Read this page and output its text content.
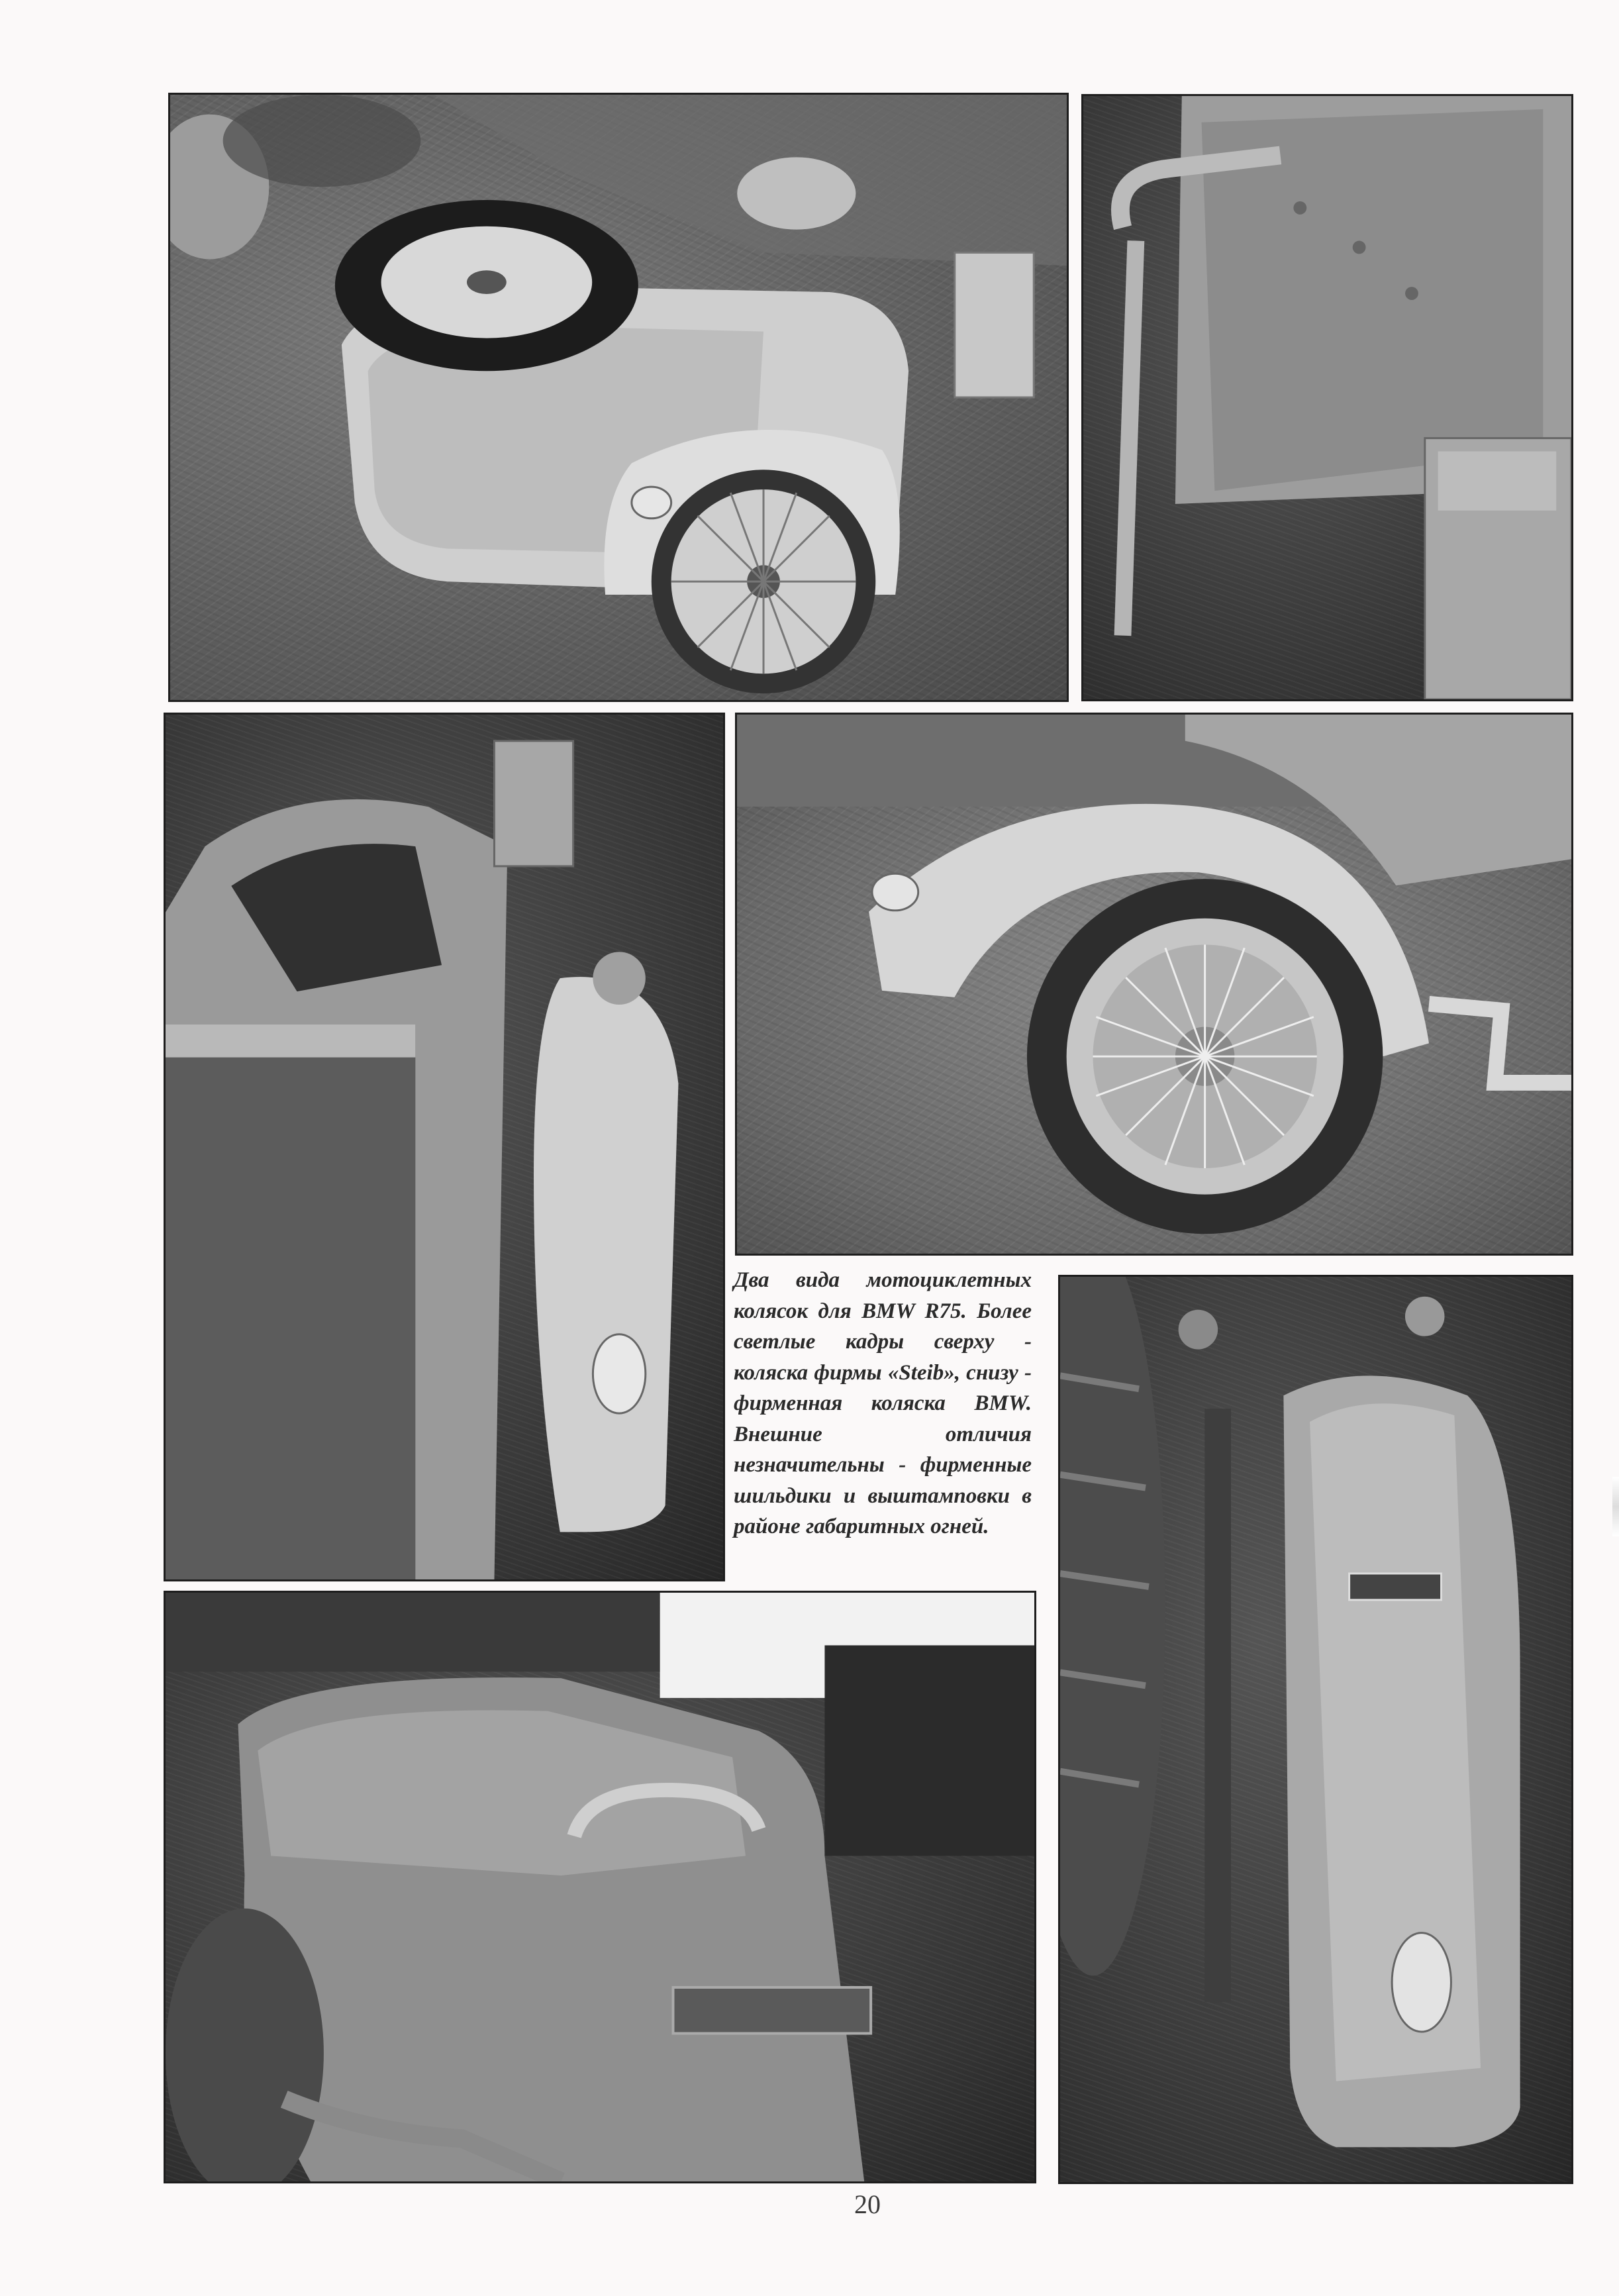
Два вида мотоциклетных колясок для BMW R75. Более светлые кадры сверху - коляска фирмы «Steib», снизу - фирменная коляска BMW. Внешние отличия незначительны - фирменные шильдики и выштамповки в районе габаритных огней.

20
